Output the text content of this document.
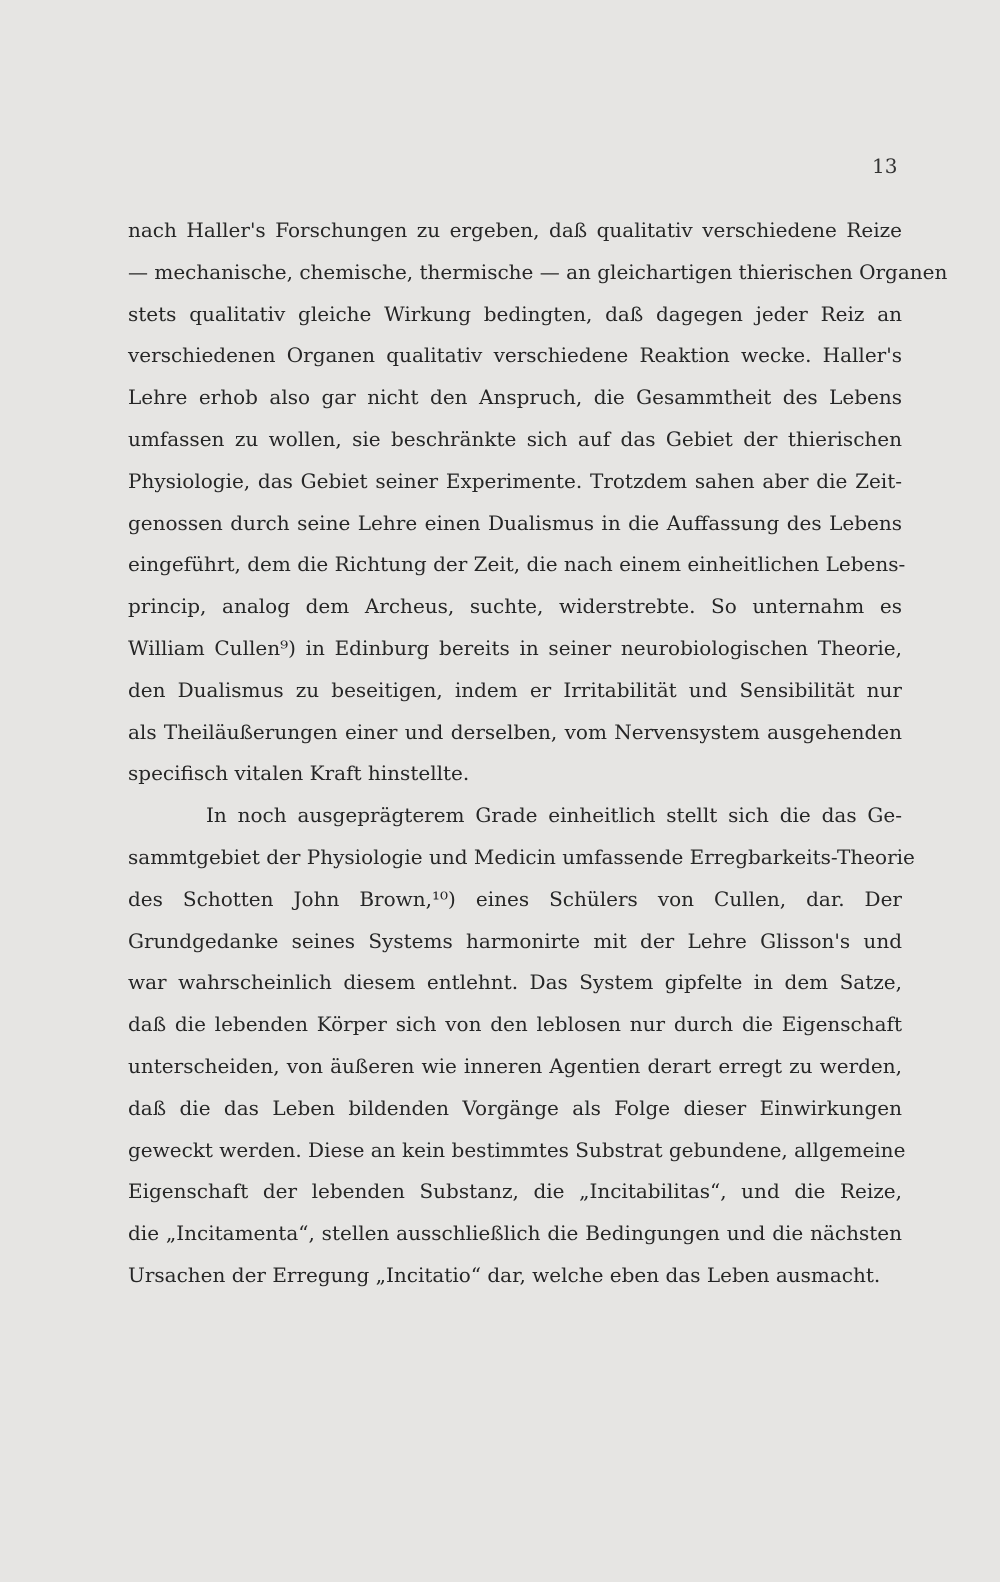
13
nach Haller's Forschungen zu ergeben, daß qualitativ verschiedene Reize
— mechanische, chemische, thermische — an gleichartigen thierischen Organen
stets qualitativ gleiche Wirkung bedingten, daß dagegen jeder Reiz an
verschiedenen Organen qualitativ verschiedene Reaktion wecke. Haller's
Lehre erhob also gar nicht den Anspruch, die Gesammtheit des Lebens
umfassen zu wollen, sie beschränkte sich auf das Gebiet der thierischen
Physiologie, das Gebiet seiner Experimente. Trotzdem sahen aber die Zeit-
genossen durch seine Lehre einen Dualismus in die Auffassung des Lebens
eingeführt, dem die Richtung der Zeit, die nach einem einheitlichen Lebens-
princip, analog dem Archeus, suchte, widerstrebte. So unternahm es
William Cullen⁹) in Edinburg bereits in seiner neurobiologischen Theorie,
den Dualismus zu beseitigen, indem er Irritabilität und Sensibilität nur
als Theiläußerungen einer und derselben, vom Nervensystem ausgehenden
specifisch vitalen Kraft hinstellte.
In noch ausgeprägterem Grade einheitlich stellt sich die das Ge-
sammtgebiet der Physiologie und Medicin umfassende Erregbarkeits-Theorie
des Schotten John Brown,¹⁰) eines Schülers von Cullen, dar. Der
Grundgedanke seines Systems harmonirte mit der Lehre Glisson's und
war wahrscheinlich diesem entlehnt. Das System gipfelte in dem Satze,
daß die lebenden Körper sich von den leblosen nur durch die Eigenschaft
unterscheiden, von äußeren wie inneren Agentien derart erregt zu werden,
daß die das Leben bildenden Vorgänge als Folge dieser Einwirkungen
geweckt werden. Diese an kein bestimmtes Substrat gebundene, allgemeine
Eigenschaft der lebenden Substanz, die „Incitabilitas“, und die Reize,
die „Incitamenta“, stellen ausschließlich die Bedingungen und die nächsten
Ursachen der Erregung „Incitatio“ dar, welche eben das Leben ausmacht.
